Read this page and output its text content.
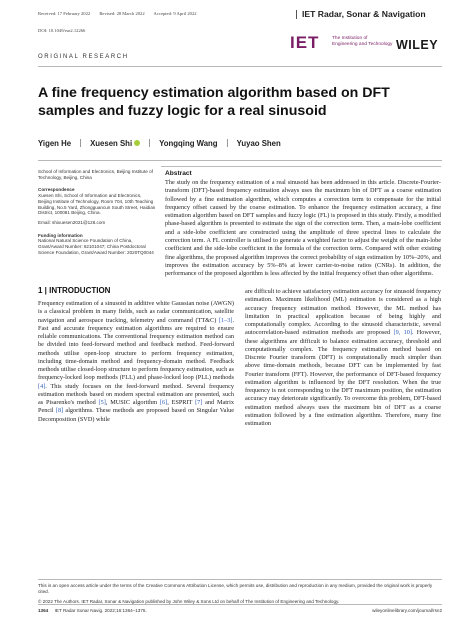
Received: 17 February 2022 Revised: 28 March 2022 Accepted: 9 April 2022	IET Radar, Sonar & Navigation
DOI: 10.1049/rsn2.12266
IET	The Institution of
Engineering and Technology WILEY
ORIGINAL RESEARCH
A fine frequency estimation algorithm based on DFT samples and fuzzy logic for a real sinusoid
Yigen He Xuesen Shi	Yongqing Wang Yuyao Shen

School of Information and Electronics, Beijing Institute of Technology, Beijing, China

Correspondence

Xuesen Shi, School of Information and Electronics, Beijing Institute of Technology, Room 704, 10th Teaching Building, No.5 Yard, Zhongguancun South Street, Haidian District, 100081 Beijing, China.

Email: shixuesen2021@126.com

Funding information

National Natural Science Foundation of China, Grant/Award Number: 62101047; China Postdoctoral Science Foundation, Grant/Award Number: 2020TQ0044

Abstract
The study on the frequency estimation of a real sinusoid has been addressed in this article. Discrete-Fourier-transform (DFT)-based frequency estimation always uses the maximum bin of DFT as a coarse estimation followed by a fine estimation algorithm, which computes a correction term to compensate for the initial frequency offset caused by the coarse estimation. To enhance the frequency estimation accuracy, a fine estimation algorithm based on DFT samples and fuzzy logic (FL) is proposed in this study. Firstly, a modified phase-based algorithm is presented to estimate the sign of the correction term. Then, a main-lobe coefficient and a side-lobe coefficient are constructed using the amplitude of three spectral lines to calculate the correction term. A FL controller is utilised to generate a weighted factor to adjust the weight of the main-lobe coefficient and the side-lobe coefficient in the formula of the correction term. Compared with other existing fine algorithms, the proposed algorithm improves the correct probability of sign estimation by 10%–20%, and improves the estimation accuracy by 5%–8% at lower carrier-to-noise ratios (CNRs). In addition, the performance of the proposed algorithm is less affected by the initial frequency offset than other algorithms.
1 | INTRODUCTION
Frequency estimation of a sinusoid in additive white Gaussian noise (AWGN) is a classical problem in many fields, such as radar communication, satellite navigation and aerospace tracking, telemetry and command (TT&C) [1–3]. Fast and accurate frequency estimation algorithms are required to ensure reliable communications. The conventional frequency estimation method can be divided into feed-forward method and feedback method. Feed-forward methods utilise open-loop structure to perform frequency estimation, including time-domain method and frequency-domain method. Feedback methods utilise closed-loop structure to perform frequency estimation, such as frequency-locked loop methods (FLL) and phase-locked loop (PLL) methods [4]. This study focuses on the feed-forward method. Several frequency estimation methods based on modern spectral estimation are presented, such as Pisarenko's method [5], MUSIC algorithm [6], ESPRIT [7] and Matrix Pencil [8] algorithms. These methods are proposed based on Singular Value Decomposition (SVD) while
are difficult to achieve satisfactory estimation accuracy for sinusoid frequency estimation. Maximum likelihood (ML) estimation is considered as a high accuracy frequency estimation method. However, the ML method has limitation in practical application because of being highly and computationally complex. According to the sinusoid characteristic, several autocorrelation-based estimation methods are proposed [9, 10]. However, these algorithms are difficult to balance estimation accuracy, threshold and computationally complex. The frequency estimation method based on Discrete Fourier transform (DFT) is computationally much simpler than above time-domain methods, because DFT can be implemented by fast Fourier transform (FFT). However, the performance of DFT-based frequency estimation algorithm is influenced by the DFT resolution. When the true frequency is not corresponding to the DFT maximum position, the estimation accuracy may deteriorate significantly. To overcome this problem, DFT-based estimation method always uses the maximum bin of DFT as a coarse estimation followed by a fine estimation algorithm. Therefore, many fine estimation

This is an open access article under the terms of the Creative Commons Attribution License, which permits use, distribution and reproduction in any medium, provided the original work is properly cited.

© 2022 The Authors. IET Radar, Sonar & Navigation published by John Wiley & Sons Ltd on behalf of The Institution of Engineering and Technology.

1364 IET Radar Sonar Navig. 2022;16:1364–1375.	wileyonlinelibrary.com/journal/rsn2
